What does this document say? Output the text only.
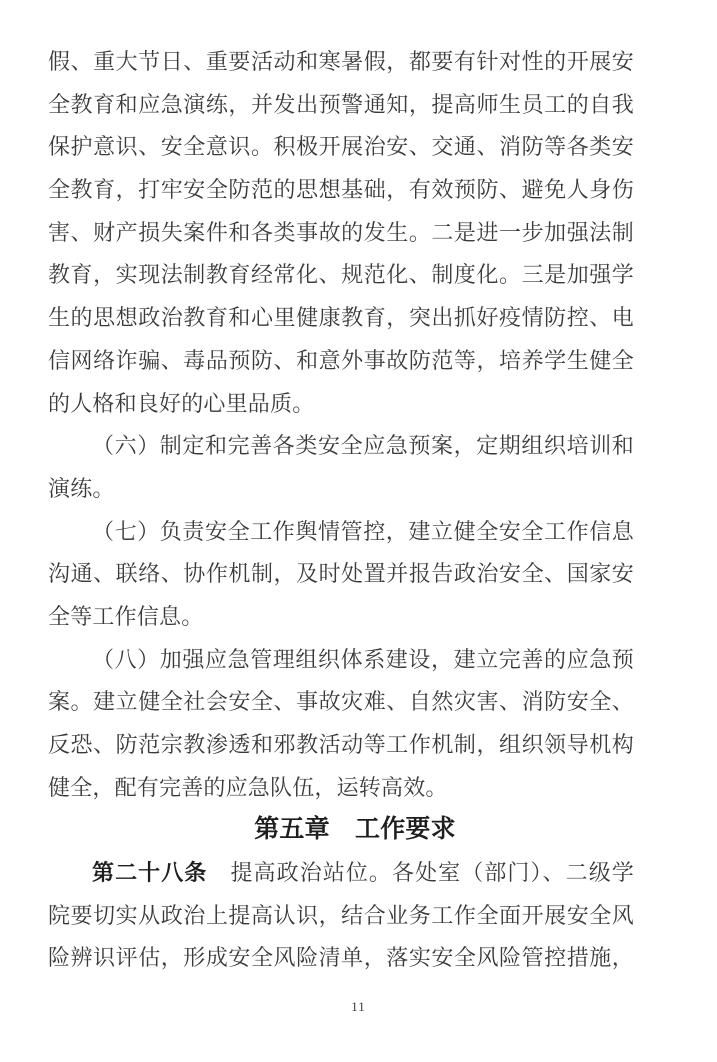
假、重大节日、重要活动和寒暑假，都要有针对性的开展安
全教育和应急演练，并发出预警通知，提高师生员工的自我
保护意识、安全意识。积极开展治安、交通、消防等各类安
全教育，打牢安全防范的思想基础，有效预防、避免人身伤
害、财产损失案件和各类事故的发生。二是进一步加强法制
教育，实现法制教育经常化、规范化、制度化。三是加强学
生的思想政治教育和心里健康教育，突出抓好疫情防控、电
信网络诈骗、毒品预防、和意外事故防范等，培养学生健全
的人格和良好的心里品质。
（六）制定和完善各类安全应急预案，定期组织培训和
演练。
（七）负责安全工作舆情管控，建立健全安全工作信息
沟通、联络、协作机制，及时处置并报告政治安全、国家安
全等工作信息。
（八）加强应急管理组织体系建设，建立完善的应急预
案。建立健全社会安全、事故灾难、自然灾害、消防安全、
反恐、防范宗教渗透和邪教活动等工作机制，组织领导机构
健全，配有完善的应急队伍，运转高效。
第五章　工作要求
第二十八条　提高政治站位。各处室（部门）、二级学
院要切实从政治上提高认识，结合业务工作全面开展安全风
险辨识评估，形成安全风险清单，落实安全风险管控措施，
11
